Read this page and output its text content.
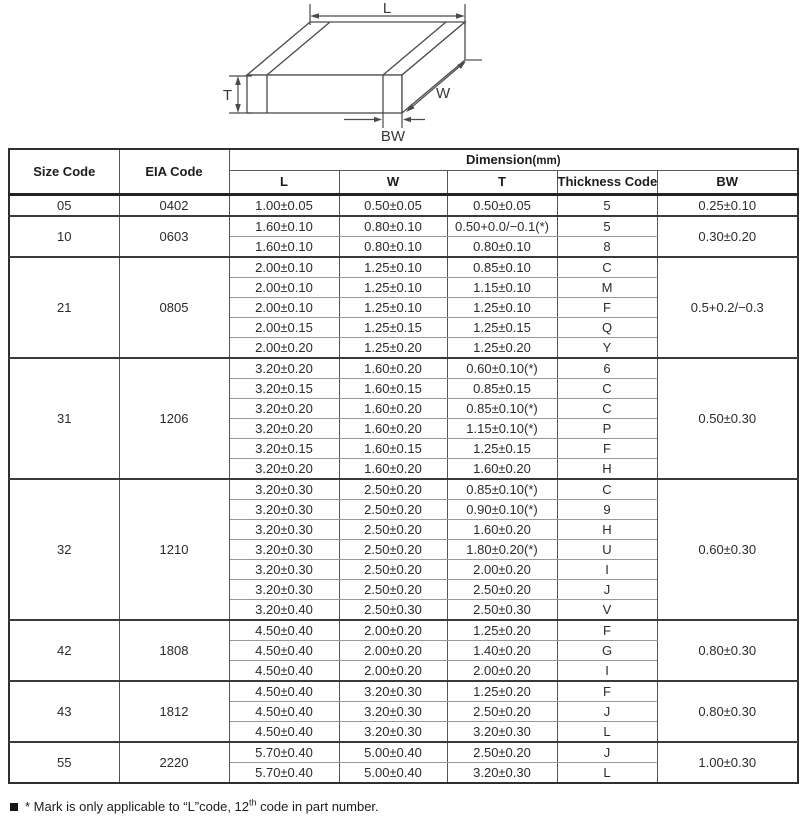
L
T	W
BW
Size Code	EIA Code	Dimension(mm)				
		L	W	T	Thickness Code	BW
05	0402	1.00±0.05	0.50±0.05	0.50±0.05	5	0.25±0.10
10	0603	1.60±0.10	0.80±0.10	0.50+0.0/−0.1(*)	5	0.30±0.20
		1.60±0.10	0.80±0.10	0.80±0.10	8	
21	0805	2.00±0.10	1.25±0.10	0.85±0.10	C	0.5+0.2/−0.3
		2.00±0.10	1.25±0.10	1.15±0.10	M	
		2.00±0.10	1.25±0.10	1.25±0.10	F	
		2.00±0.15	1.25±0.15	1.25±0.15	Q	
		2.00±0.20	1.25±0.20	1.25±0.20	Y	
31	1206	3.20±0.20	1.60±0.20	0.60±0.10(*)	6	0.50±0.30
		3.20±0.15	1.60±0.15	0.85±0.15	C	
		3.20±0.20	1.60±0.20	0.85±0.10(*)	C	
		3.20±0.20	1.60±0.20	1.15±0.10(*)	P	
		3.20±0.15	1.60±0.15	1.25±0.15	F	
		3.20±0.20	1.60±0.20	1.60±0.20	H	
32	1210	3.20±0.30	2.50±0.20	0.85±0.10(*)	C	0.60±0.30
		3.20±0.30	2.50±0.20	0.90±0.10(*)	9	
		3.20±0.30	2.50±0.20	1.60±0.20	H	
		3.20±0.30	2.50±0.20	1.80±0.20(*)	U	
		3.20±0.30	2.50±0.20	2.00±0.20	I	
		3.20±0.30	2.50±0.20	2.50±0.20	J	
		3.20±0.40	2.50±0.30	2.50±0.30	V	
42	1808	4.50±0.40	2.00±0.20	1.25±0.20	F	0.80±0.30
		4.50±0.40	2.00±0.20	1.40±0.20	G	
		4.50±0.40	2.00±0.20	2.00±0.20	I	
43	1812	4.50±0.40	3.20±0.30	1.25±0.20	F	0.80±0.30
		4.50±0.40	3.20±0.30	2.50±0.20	J	
		4.50±0.40	3.20±0.30	3.20±0.30	L	
55	2220	5.70±0.40	5.00±0.40	2.50±0.20	J	1.00±0.30
		5.70±0.40	5.00±0.40	3.20±0.30	L	
* Mark is only applicable to “L”code, 12th code in part number.
